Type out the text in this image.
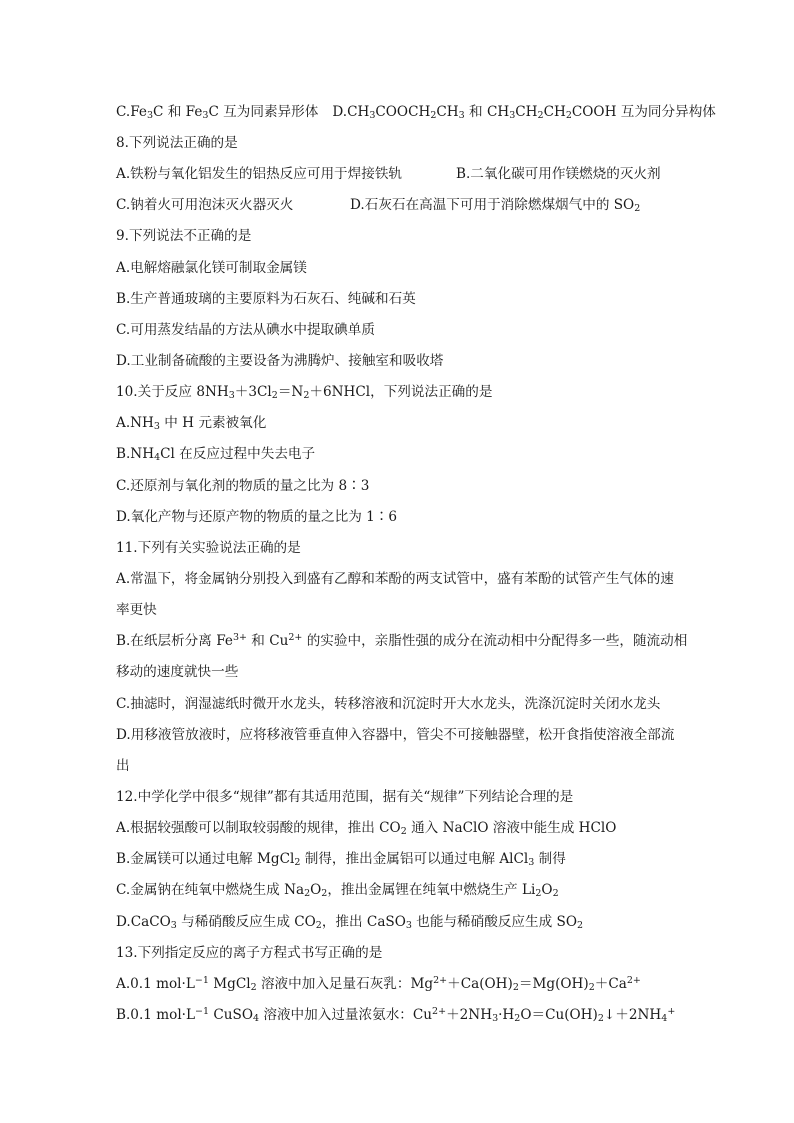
$C.Fe_3C$ 和 $Fe_3C$ 互为同素异形体 $D.CH_3COOCH_2CH_3$ 和 $CH_3CH_2CH_2COOH$ 互为同分异构体
8.下列说法正确的是
A.铁粉与氧化铝发生的铝热反应可用于焊接铁轨	B.二氧化碳可用作镁燃烧的灭火剂
C.钠着火可用泡沫灭火器灭火	D.石灰石在高温下可用于消除燃煤烟气中的 $SO_2$
9.下列说法不正确的是
A.电解熔融氯化镁可制取金属镁
B.生产普通玻璃的主要原料为石灰石、纯碱和石英
C.可用蒸发结晶的方法从碘水中提取碘单质
D.工业制备硫酸的主要设备为沸腾炉、接触室和吸收塔
10.关于反应 $8NH_3+3Cl_2=N_2+6NHCl$，下列说法正确的是
$A.NH_3$ 中 H 元素被氧化
$B.NH_4Cl$ 在反应过程中失去电子
C.还原剂与氧化剂的物质的量之比为 8∶3
D.氧化产物与还原产物的物质的量之比为 1∶6
11.下列有关实验说法正确的是
A.常温下，将金属钠分别投入到盛有乙醇和苯酚的两支试管中，盛有苯酚的试管产生气体的速
率更快
B.在纸层析分离 $Fe^{3+}$ 和 $Cu^{2+}$ 的实验中，亲脂性强的成分在流动相中分配得多一些，随流动相
移动的速度就快一些
C.抽滤时，润湿滤纸时微开水龙头，转移溶液和沉淀时开大水龙头，洗涤沉淀时关闭水龙头
D.用移液管放液时，应将移液管垂直伸入容器中，管尖不可接触器壁，松开食指使溶液全部流
出
12.中学化学中很多“规律”都有其适用范围，据有关“规律”下列结论合理的是
A.根据较强酸可以制取较弱酸的规律，推出 $CO_2$ 通入 NaClO 溶液中能生成 HClO
B.金属镁可以通过电解 MgCl$_2$ 制得，推出金属铝可以通过电解 AlCl$_3$ 制得
C.金属钠在纯氧中燃烧生成 $Na_2O_2$，推出金属锂在纯氧中燃烧生产 $Li_2O_2$
D.CaCO$_3$ 与稀硝酸反应生成 $CO_2$，推出 CaSO$_3$ 也能与稀硝酸反应生成 $SO_2$
13.下列指定反应的离子方程式书写正确的是
A.0.1 $mol\cdot L^{-1}$ MgCl$_2$ 溶液中加入足量石灰乳：$Mg^{2+}+Ca(OH)_2=Mg(OH)_2+Ca^{2+}$
B.0.1 $mol\cdot L^{-1}$ CuSO$_4$ 溶液中加入过量浓氨水：$Cu^{2+}+2NH_3\cdot H_2O=Cu(OH)_2↓+2NH_4^+$
